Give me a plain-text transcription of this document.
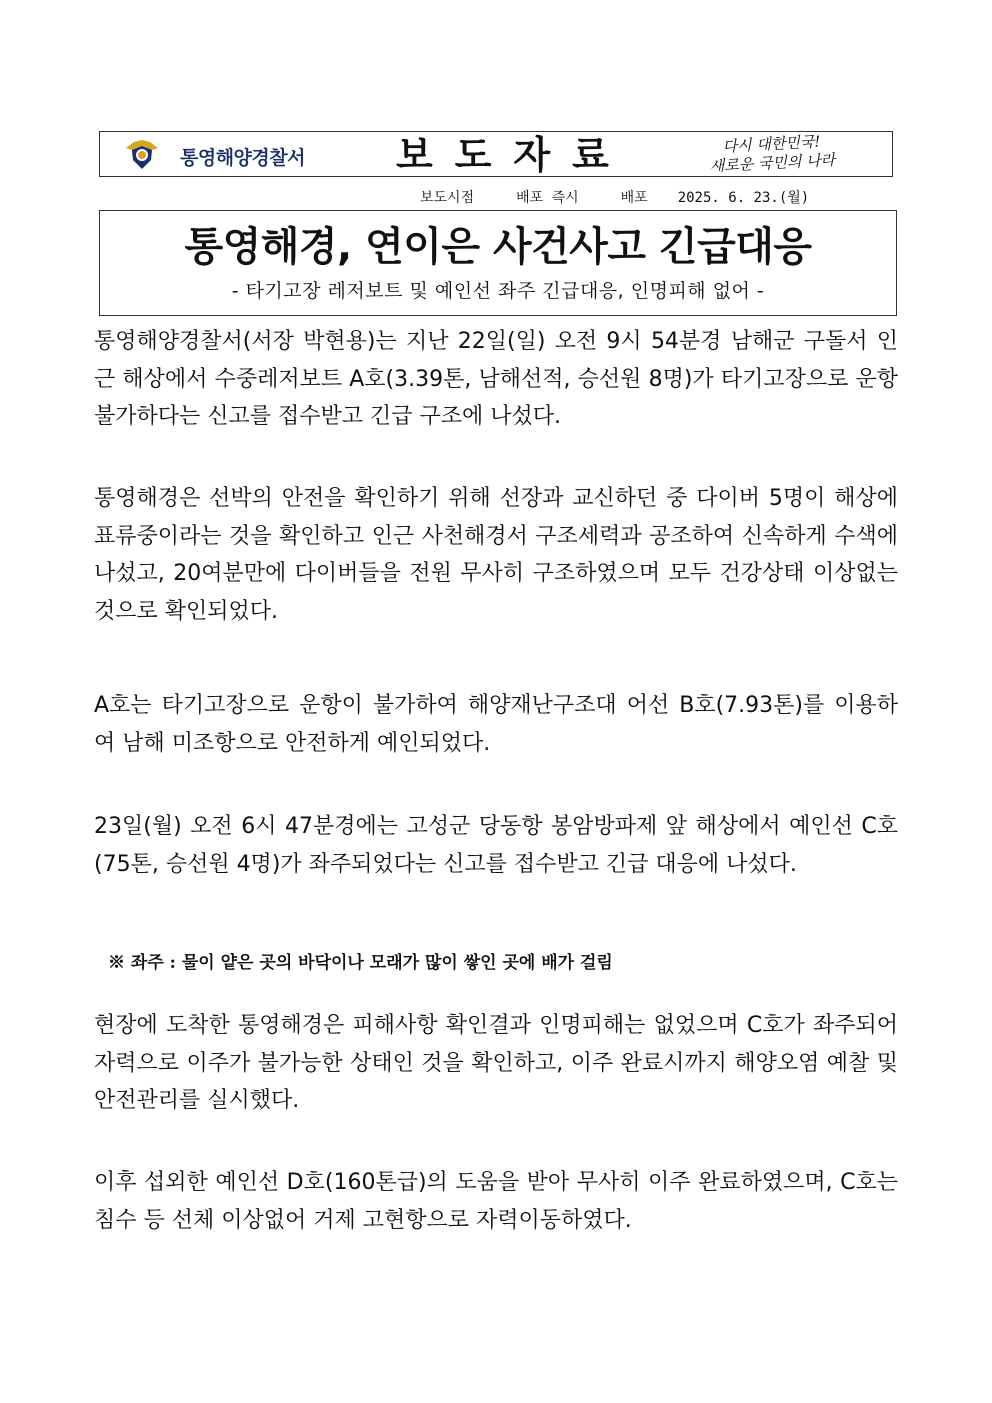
통영해양경찰서 보도자료	다시 대한민국!
새로운 국민의 나라
보도시점	배포 즉시	배포 2025. 6. 23.(월)
통영해경, 연이은 사건사고 긴급대응
- 타기고장 레저보트 및 예인선 좌주 긴급대응, 인명피해 없어 -
통영해양경찰서(서장 박현용)는 지난 22일(일) 오전 9시 54분경 남해군 구돌서 인근 해상에서 수중레저보트 A호(3.39톤, 남해선적, 승선원 8명)가 타기고장으로 운항불가하다는 신고를 접수받고 긴급 구조에 나섰다.
통영해경은 선박의 안전을 확인하기 위해 선장과 교신하던 중 다이버 5명이 해상에 표류중이라는 것을 확인하고 인근 사천해경서 구조세력과 공조하여 신속하게 수색에 나섰고, 20여분만에 다이버들을 전원 무사히 구조하였으며 모두 건강상태 이상없는 것으로 확인되었다.
A호는 타기고장으로 운항이 불가하여 해양재난구조대 어선 B호(7.93톤)를 이용하여 남해 미조항으로 안전하게 예인되었다.
23일(월) 오전 6시 47분경에는 고성군 당동항 봉암방파제 앞 해상에서 예인선 C호(75톤, 승선원 4명)가 좌주되었다는 신고를 접수받고 긴급 대응에 나섰다.
※ 좌주 : 물이 얕은 곳의 바닥이나 모래가 많이 쌓인 곳에 배가 걸림
현장에 도착한 통영해경은 피해사항 확인결과 인명피해는 없었으며 C호가 좌주되어 자력으로 이주가 불가능한 상태인 것을 확인하고, 이주 완료시까지 해양오염 예찰 및 안전관리를 실시했다.
이후 섭외한 예인선 D호(160톤급)의 도움을 받아 무사히 이주 완료하였으며, C호는 침수 등 선체 이상없어 거제 고현항으로 자력이동하였다.
